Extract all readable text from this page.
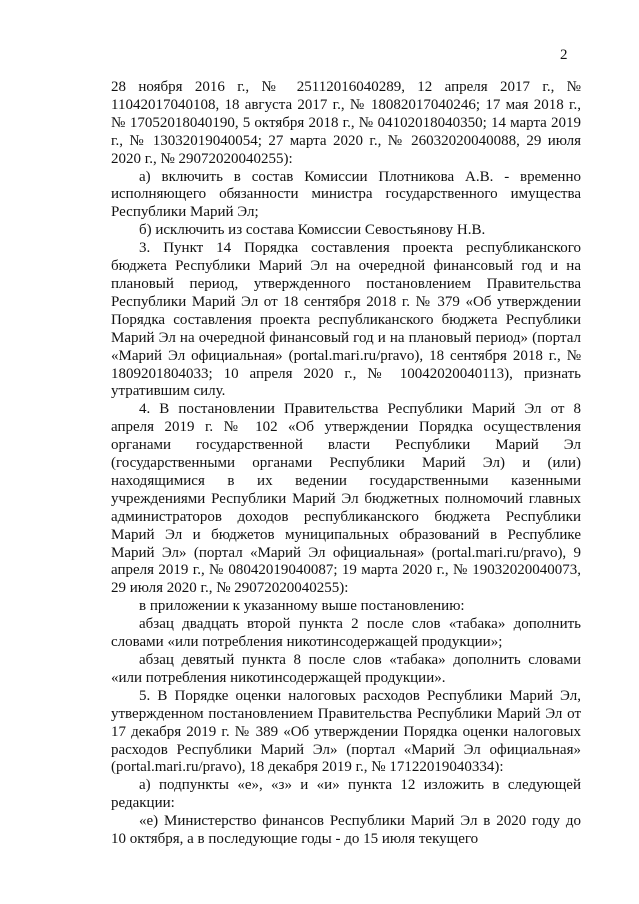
2

28 ноября 2016 г., № 25112016040289, 12 апреля 2017 г., № 11042017040108, 18 августа 2017 г., № 18082017040246; 17 мая 2018 г., № 17052018040190, 5 октября 2018 г., № 04102018040350; 14 марта 2019 г., № 13032019040054; 27 марта 2020 г., № 26032020040088, 29 июля 2020 г., № 29072020040255):

а) включить в состав Комиссии Плотникова А.В. - временно исполняющего обязанности министра государственного имущества Республики Марий Эл;

б) исключить из состава Комиссии Севостьянову Н.В.

3. Пункт 14 Порядка составления проекта республиканского бюджета Республики Марий Эл на очередной финансовый год и на плановый период, утвержденного постановлением Правительства Республики Марий Эл от 18 сентября 2018 г. № 379 «Об утверждении Порядка составления проекта республиканского бюджета Республики Марий Эл на очередной финансовый год и на плановый период» (портал «Марий Эл официальная» (portal.mari.ru/pravo), 18 сентября 2018 г., № 1809201804033; 10 апреля 2020 г., № 10042020040113), признать утратившим силу.

4. В постановлении Правительства Республики Марий Эл от 8 апреля 2019 г. № 102 «Об утверждении Порядка осуществления органами государственной власти Республики Марий Эл (государственными органами Республики Марий Эл) и (или) находящимися в их ведении государственными казенными учреждениями Республики Марий Эл бюджетных полномочий главных администраторов доходов республиканского бюджета Республики Марий Эл и бюджетов муниципальных образований в Республике Марий Эл» (портал «Марий Эл официальная» (portal.mari.ru/pravo), 9 апреля 2019 г., № 08042019040087; 19 марта 2020 г., № 19032020040073, 29 июля 2020 г., № 29072020040255):

в приложении к указанному выше постановлению:

абзац двадцать второй пункта 2 после слов «табака» дополнить словами «или потребления никотинсодержащей продукции»;

абзац девятый пункта 8 после слов «табака» дополнить словами «или потребления никотинсодержащей продукции».

5. В Порядке оценки налоговых расходов Республики Марий Эл, утвержденном постановлением Правительства Республики Марий Эл от 17 декабря 2019 г. № 389 «Об утверждении Порядка оценки налоговых расходов Республики Марий Эл» (портал «Марий Эл официальная» (portal.mari.ru/pravo), 18 декабря 2019 г., № 17122019040334):

а) подпункты «е», «з» и «и» пункта 12 изложить в следующей редакции:

«е) Министерство финансов Республики Марий Эл в 2020 году до 10 октября, а в последующие годы - до 15 июля текущего
